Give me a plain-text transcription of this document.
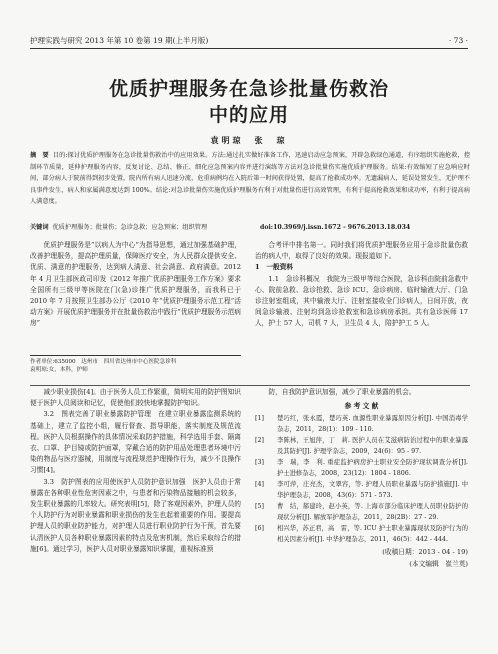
护理实践与研究 2013 年第 10 卷第 19 期(上半月版)	· 73 ·
优质护理服务在急诊批量伤救治
中的应用
袁明琼　张　琼
摘　要 目的:探讨优质护理服务在急诊批量伤救治中的应用效果。方法:通过扎实做好准备工作，迅速启动应急预案，开辟急救绿色通道，有序组织实施抢救，控制环节质量，延伸护理服务内容，反复讨论、总结、修正、细化应急预案内容并进行演练等方法对急诊批量伤实施优质护理服务。结果:有效缩短了应急响应时间，部分病人于院前得到初步处置，院内所有病人迅速分流，危重病例均在入院后第一时间获得处置，提高了抢救成功率。无遗漏病人，延误处置发生，无护理不良事件发生，病人和家属满意度达到 100%。结论:对急诊批量伤实施优质护理服务有利于对批量伤进行高效管理，有利于提高抢救效果和成功率，有利于提高病人满意度。
关键词 优质护理服务；批量伤；急诊急救；应急预案；组织管理	doi:10.3969/j.issn.1672 - 9676.2013.18.034
优质护理服务是“以病人为中心”为指导思想，通过加强基础护理，改善护理服务，提高护理质量，保障医疗安全，为人民群众提供安全、优质、满意的护理服务，达到病人满意、社会满意、政府满意。2012 年 4 月卫生部医政司印发《2012 年推广优质护理服务工作方案》要求全国所有三级甲等医院在门(急)诊推广优质护理服务，而我科已于 2010 年 7 月按照卫生部办公厅《2010 年“优质护理服务示范工程”活动方案》开展优质护理服务并在批量伤救治中践行“优质护理服务示范病房”
作者单位:635000　达州市　四川省达州市中心医院急诊科
袁明琼:女，本科，护师

合考评中排名第一。同时我们将优质护理服务应用于急诊批量伤救治的病人中，取得了良好的效果。现报道如下。

1　一般资料

1.1　急诊科概况　我院为三级甲等综合医院，急诊科由院前急救中心、院前急救、急诊抢救、急诊 ICU、急诊病房、临时输液大厅、门急诊注射室组成，其中输液大厅、注射室接收全门诊病人，日间开放，夜间急诊输液、注射均到急诊抢救室和急诊病房承担。共有急诊医师 17 人，护士 57 人，司机 7 人，卫生员 4 人，陪护护工 5 人。

减少职业损伤[4]。由于医务人员工作繁重，简明实用的防护图知识便于医护人员阅读和记忆，促使他们较快地掌握防护知识。

3.2　图表完善了职业暴露防护管理　在建立职业暴露监测系统的基础上，建立了监控小组，履行督查、指导职能，落实制度及规范流程。医护人员根据操作的具体情况采取防护措施，科学选用手套、隔离衣、口罩、护目镜或防护面罩，穿戴合适的防护用品处理患者环境中污染的物品与医疗器械，用制度与流程规范护理操作行为，减少不良操作习惯[4]。

3.3　防护图表的应用使医护人员防护意识加强　医护人员由于常暴露在各种职业性危害因素之中，与患者和污染物品接触的机会较多，发生职业暴露的几率较大。研究表明[5]，除了客观因素外，护理人员的个人防护行为对职业暴露和职业损伤的发生也起着重要的作用。要提高护理人员的职业防护能力，对护理人员进行职业防护行为干预，首先要认清医护人员各种职业暴露因素的特点及危害机制，然后采取综合的措施[6]。通过学习，医护人员对职业暴露知识掌握，重视标准预

防，自我防护意识加强，减少了职业暴露的机会。

参 考 文 献
[1] 楚巧红，张永霞，楚巧英. 血源性职业暴露原因分析[J]. 中国消毒学杂志，2011，28(1)：109 - 110.
[2] 李陈林，王旭萍，丁　莉. 医护人员在艾滋病防治过程中的职业暴露及其防护[J]. 护理学杂志，2009，24(6)：95 - 97.
[3] 李　瑞，李　利. 重症监护病房护士职业安全防护现状调查分析[J]. 护士进修杂志，2008，23(12)：1804 - 1806.
[4] 李可萍，庄亮杰，文翠容，等. 护理人员职业暴露与防护措施[J]. 中华护理杂志，2008，43(6)：571 - 573.
[5] 曹　结，郝建玲，赵小英，等. 上海市部分临床护理人员职业防护的现状分析[J]. 解放军护理杂志，2011，28(2B)：27 - 29.
[6] 相兴华，苏正君，高　雷，等. ICU 护士职业暴露现状及防护行为的相关因素分析[J]. 中华护理杂志，2011，46(5)：442 - 444.
(收稿日期：2013 - 04 - 19)
(本文编辑　崔兰英)
